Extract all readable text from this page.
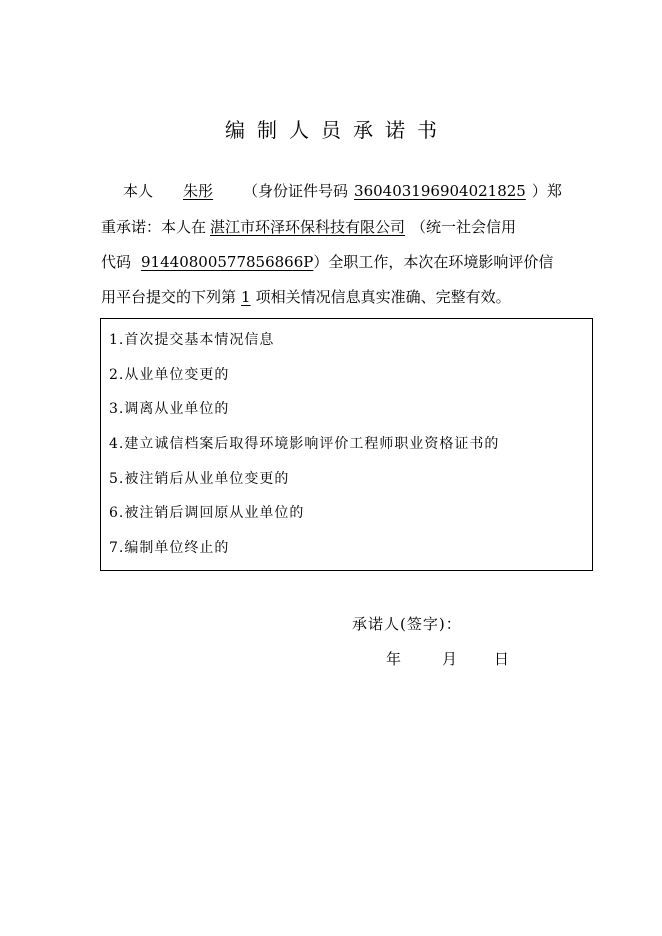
编制人员承诺书
本人 朱彤 （身份证件号码 360403196904021825 ）郑
重承诺：本人在 湛江市环泽环保科技有限公司 （统一社会信用
代码 91440800577856866P）全职工作，本次在环境影响评价信
用平台提交的下列第 1 项相关情况信息真实准确、完整有效。
1.首次提交基本情况信息
2.从业单位变更的
3.调离从业单位的
4.建立诚信档案后取得环境影响评价工程师职业资格证书的
5.被注销后从业单位变更的
6.被注销后调回原从业单位的
7.编制单位终止的
承诺人(签字)：
年	月 日
